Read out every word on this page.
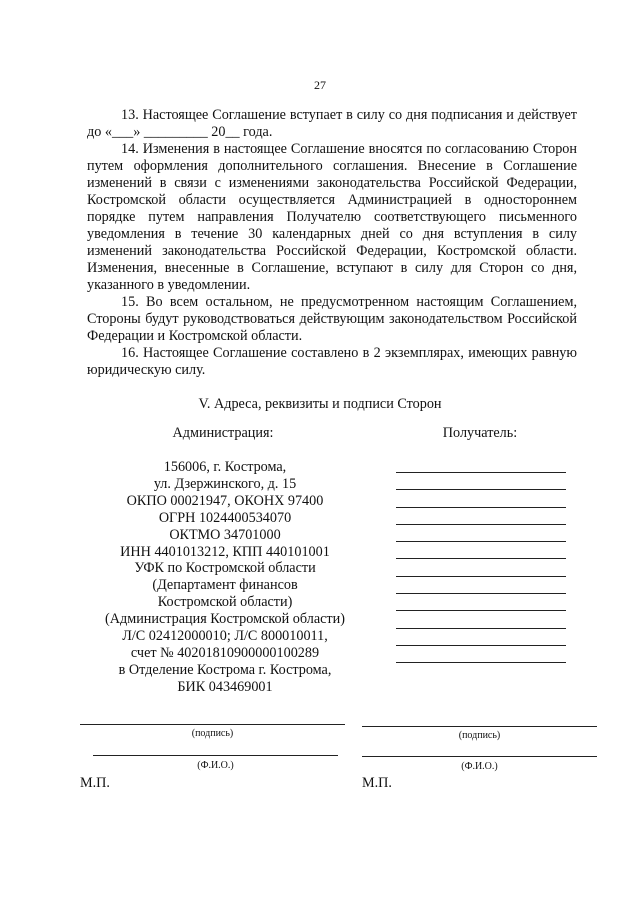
27

13. Настоящее Соглашение вступает в силу со дня подписания и действует до «___» _________ 20__ года.

14. Изменения в настоящее Соглашение вносятся по согласованию Сторон путем оформления дополнительного соглашения. Внесение в Соглашение изменений в связи с изменениями законодательства Российской Федерации, Костромской области осуществляется Администрацией в одностороннем порядке путем направления Получателю соответствующего письменного уведомления в течение 30 календарных дней со дня вступления в силу изменений законодательства Российской Федерации, Костромской области. Изменения, внесенные в Соглашение, вступают в силу для Сторон со дня, указанного в уведомлении.

15. Во всем остальном, не предусмотренном настоящим Соглашением, Стороны будут руководствоваться действующим законодательством Российской Федерации и Костромской области.

16. Настоящее Соглашение составлено в 2 экземплярах, имеющих равную юридическую силу.

V. Адреса, реквизиты и подписи Сторон
Администрация:	Получатель:
156006, г. Кострома,
ул. Дзержинского, д. 15
ОКПО 00021947, ОКОНХ 97400
ОГРН 1024400534070
ОКТМО 34701000
ИНН 4401013212, КПП 440101001
УФК по Костромской области
(Департамент финансов
Костромской области)
(Администрация Костромской области)
Л/С 02412000010; Л/С 800010011,
счет № 40201810900000100289
в Отделение Кострома г. Кострома,
БИК 043469001
(подпись)
(Ф.И.О.)
М.П.
(подпись)
(Ф.И.О.)
М.П.
